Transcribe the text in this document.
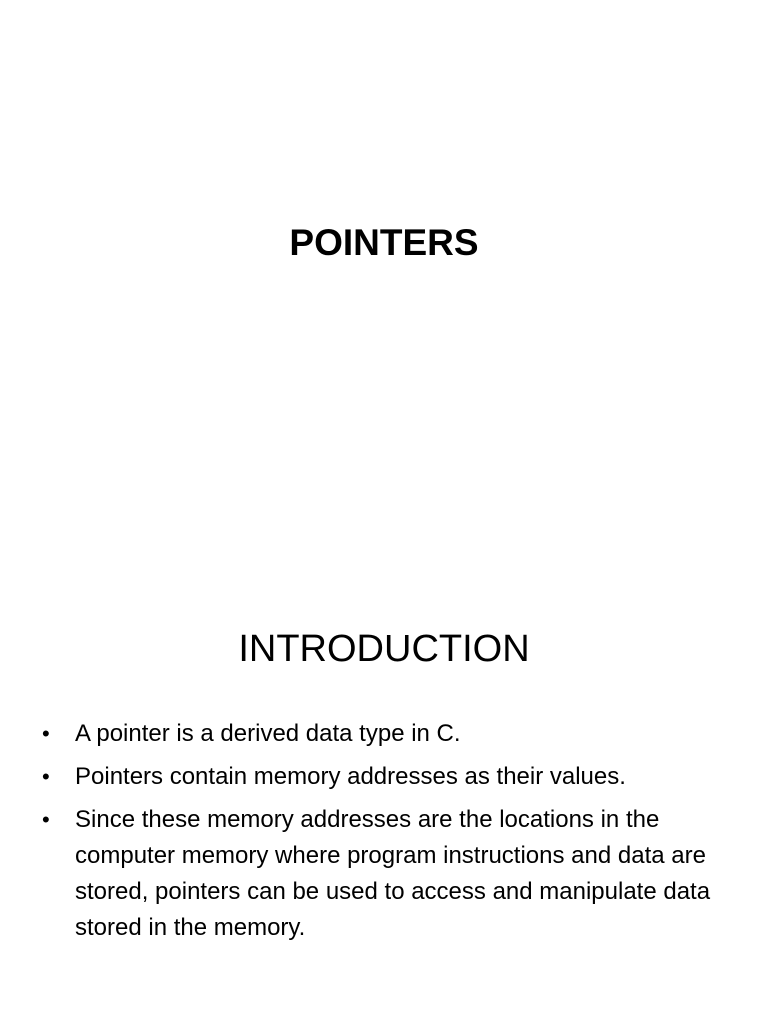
POINTERS
INTRODUCTION
• A pointer is a derived data type in C.
• Pointers contain memory addresses as their values.
• Since these memory addresses are the locations in the computer memory where program instructions and data are stored, pointers can be used to access and manipulate data stored in the memory.
